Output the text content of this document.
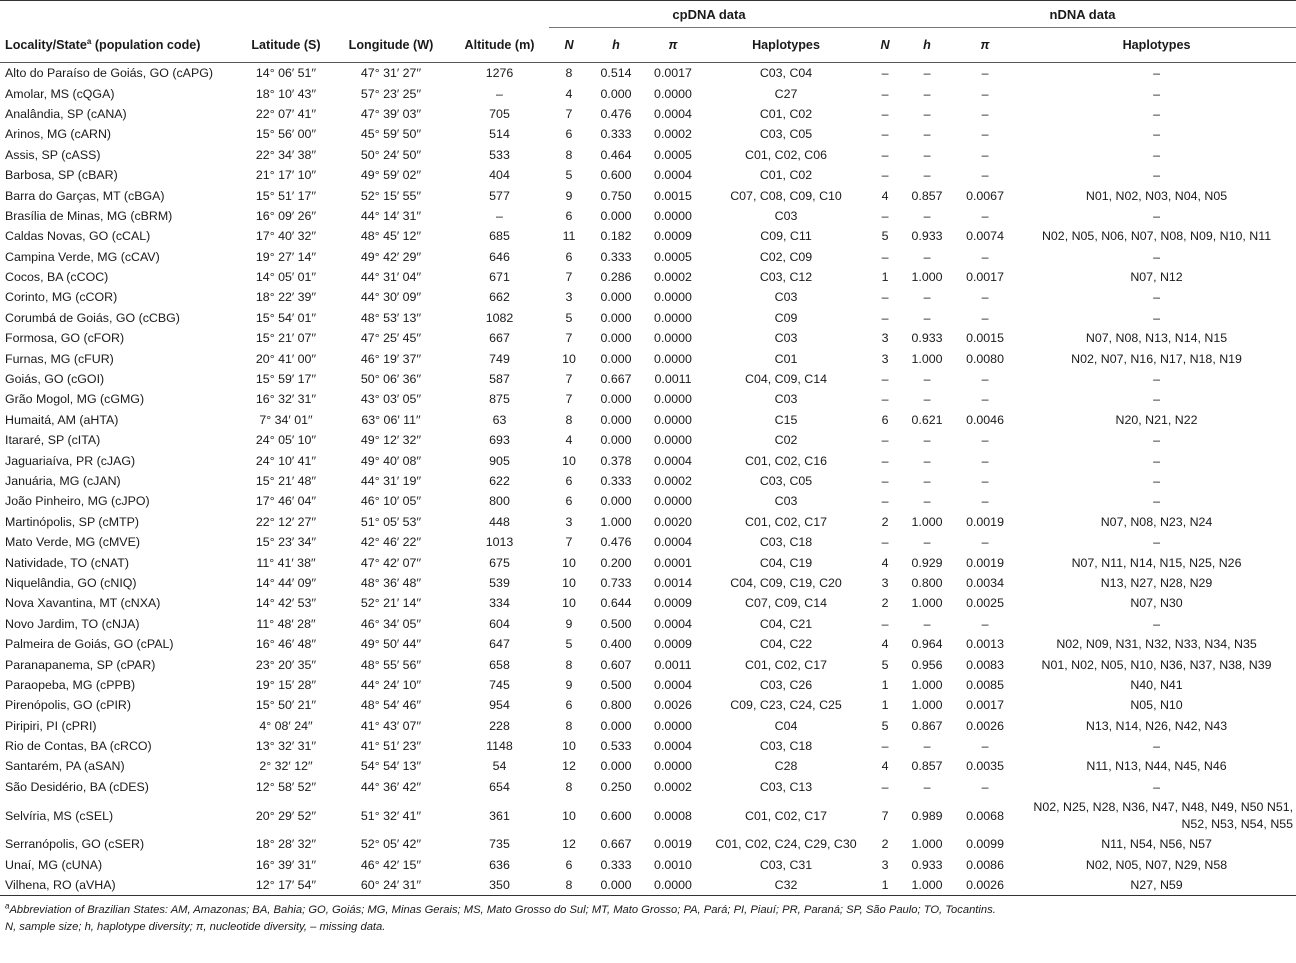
				cpDNA data				nDNA data			
Locality/State$^a$ (population code)	Latitude (S)	Longitude (W)	Altitude (m)	N	h	π	Haplotypes	N	h	π	Haplotypes
Alto do Paraíso de Goiás, GO (cAPG)	14° 06′ 51′′	47° 31′ 27′′	1276	8	0.514	0.0017	C03, C04	–	–	–	–
Amolar, MS (cQGA)	18° 10′ 43′′	57° 23′ 25′′	–	4	0.000	0.0000	C27	–	–	–	–
Analândia, SP (cANA)	22° 07′ 41′′	47° 39′ 03′′	705	7	0.476	0.0004	C01, C02	–	–	–	–
Arinos, MG (cARN)	15° 56′ 00′′	45° 59′ 50′′	514	6	0.333	0.0002	C03, C05	–	–	–	–
Assis, SP (cASS)	22° 34′ 38′′	50° 24′ 50′′	533	8	0.464	0.0005	C01, C02, C06	–	–	–	–
Barbosa, SP (cBAR)	21° 17′ 10′′	49° 59′ 02′′	404	5	0.600	0.0004	C01, C02	–	–	–	–
Barra do Garças, MT (cBGA)	15° 51′ 17′′	52° 15′ 55′′	577	9	0.750	0.0015	C07, C08, C09, C10	4	0.857	0.0067	N01, N02, N03, N04, N05
Brasília de Minas, MG (cBRM)	16° 09′ 26′′	44° 14′ 31′′	–	6	0.000	0.0000	C03	–	–	–	–
Caldas Novas, GO (cCAL)	17° 40′ 32′′	48° 45′ 12′′	685	11	0.182	0.0009	C09, C11	5	0.933	0.0074	N02, N05, N06, N07, N08, N09, N10, N11
Campina Verde, MG (cCAV)	19° 27′ 14′′	49° 42′ 29′′	646	6	0.333	0.0005	C02, C09	–	–	–	–
Cocos, BA (cCOC)	14° 05′ 01′′	44° 31′ 04′′	671	7	0.286	0.0002	C03, C12	1	1.000	0.0017	N07, N12
Corinto, MG (cCOR)	18° 22′ 39′′	44° 30′ 09′′	662	3	0.000	0.0000	C03	–	–	–	–
Corumbá de Goiás, GO (cCBG)	15° 54′ 01′′	48° 53′ 13′′	1082	5	0.000	0.0000	C09	–	–	–	–
Formosa, GO (cFOR)	15° 21′ 07′′	47° 25′ 45′′	667	7	0.000	0.0000	C03	3	0.933	0.0015	N07, N08, N13, N14, N15
Furnas, MG (cFUR)	20° 41′ 00′′	46° 19′ 37′′	749	10	0.000	0.0000	C01	3	1.000	0.0080	N02, N07, N16, N17, N18, N19
Goiás, GO (cGOI)	15° 59′ 17′′	50° 06′ 36′′	587	7	0.667	0.0011	C04, C09, C14	–	–	–	–
Grão Mogol, MG (cGMG)	16° 32′ 31′′	43° 03′ 05′′	875	7	0.000	0.0000	C03	–	–	–	–
Humaitá, AM (aHTA)	7° 34′ 01′′	63° 06′ 11′′	63	8	0.000	0.0000	C15	6	0.621	0.0046	N20, N21, N22
Itararé, SP (cITA)	24° 05′ 10′′	49° 12′ 32′′	693	4	0.000	0.0000	C02	–	–	–	–
Jaguariaíva, PR (cJAG)	24° 10′ 41′′	49° 40′ 08′′	905	10	0.378	0.0004	C01, C02, C16	–	–	–	–
Januária, MG (cJAN)	15° 21′ 48′′	44° 31′ 19′′	622	6	0.333	0.0002	C03, C05	–	–	–	–
João Pinheiro, MG (cJPO)	17° 46′ 04′′	46° 10′ 05′′	800	6	0.000	0.0000	C03	–	–	–	–
Martinópolis, SP (cMTP)	22° 12′ 27′′	51° 05′ 53′′	448	3	1.000	0.0020	C01, C02, C17	2	1.000	0.0019	N07, N08, N23, N24
Mato Verde, MG (cMVE)	15° 23′ 34′′	42° 46′ 22′′	1013	7	0.476	0.0004	C03, C18	–	–	–	–
Natividade, TO (cNAT)	11° 41′ 38′′	47° 42′ 07′′	675	10	0.200	0.0001	C04, C19	4	0.929	0.0019	N07, N11, N14, N15, N25, N26
Niquelândia, GO (cNIQ)	14° 44′ 09′′	48° 36′ 48′′	539	10	0.733	0.0014	C04, C09, C19, C20	3	0.800	0.0034	N13, N27, N28, N29
Nova Xavantina, MT (cNXA)	14° 42′ 53′′	52° 21′ 14′′	334	10	0.644	0.0009	C07, C09, C14	2	1.000	0.0025	N07, N30
Novo Jardim, TO (cNJA)	11° 48′ 28′′	46° 34′ 05′′	604	9	0.500	0.0004	C04, C21	–	–	–	–
Palmeira de Goiás, GO (cPAL)	16° 46′ 48′′	49° 50′ 44′′	647	5	0.400	0.0009	C04, C22	4	0.964	0.0013	N02, N09, N31, N32, N33, N34, N35
Paranapanema, SP (cPAR)	23° 20′ 35′′	48° 55′ 56′′	658	8	0.607	0.0011	C01, C02, C17	5	0.956	0.0083	N01, N02, N05, N10, N36, N37, N38, N39
Paraopeba, MG (cPPB)	19° 15′ 28′′	44° 24′ 10′′	745	9	0.500	0.0004	C03, C26	1	1.000	0.0085	N40, N41
Pirenópolis, GO (cPIR)	15° 50′ 21′′	48° 54′ 46′′	954	6	0.800	0.0026	C09, C23, C24, C25	1	1.000	0.0017	N05, N10
Piripiri, PI (cPRI)	4° 08′ 24′′	41° 43′ 07′′	228	8	0.000	0.0000	C04	5	0.867	0.0026	N13, N14, N26, N42, N43
Rio de Contas, BA (cRCO)	13° 32′ 31′′	41° 51′ 23′′	1148	10	0.533	0.0004	C03, C18	–	–	–	–
Santarém, PA (aSAN)	2° 32′ 12′′	54° 54′ 13′′	54	12	0.000	0.0000	C28	4	0.857	0.0035	N11, N13, N44, N45, N46
São Desidério, BA (cDES)	12° 58′ 52′′	44° 36′ 42′′	654	8	0.250	0.0002	C03, C13	–	–	–	–
Selvíria, MS (cSEL)	20° 29′ 52′′	51° 32′ 41′′	361	10	0.600	0.0008	C01, C02, C17	7	0.989	0.0068	N02, N25, N28, N36, N47, N48, N49, N50 N51, N52, N53, N54, N55
Serranópolis, GO (cSER)	18° 28′ 32′′	52° 05′ 42′′	735	12	0.667	0.0019	C01, C02, C24, C29, C30	2	1.000	0.0099	N11, N54, N56, N57
Unaí, MG (cUNA)	16° 39′ 31′′	46° 42′ 15′′	636	6	0.333	0.0010	C03, C31	3	0.933	0.0086	N02, N05, N07, N29, N58
Vilhena, RO (aVHA)	12° 17′ 54′′	60° 24′ 31′′	350	8	0.000	0.0000	C32	1	1.000	0.0026	N27, N59
$^a$Abbreviation of Brazilian States: AM, Amazonas; BA, Bahia; GO, Goiás; MG, Minas Gerais; MS, Mato Grosso do Sul; MT, Mato Grosso; PA, Pará; PI, Piauí; PR, Paraná; SP, São Paulo; TO, Tocantins.
N, sample size; h, haplotype diversity; π, nucleotide diversity, – missing data.
